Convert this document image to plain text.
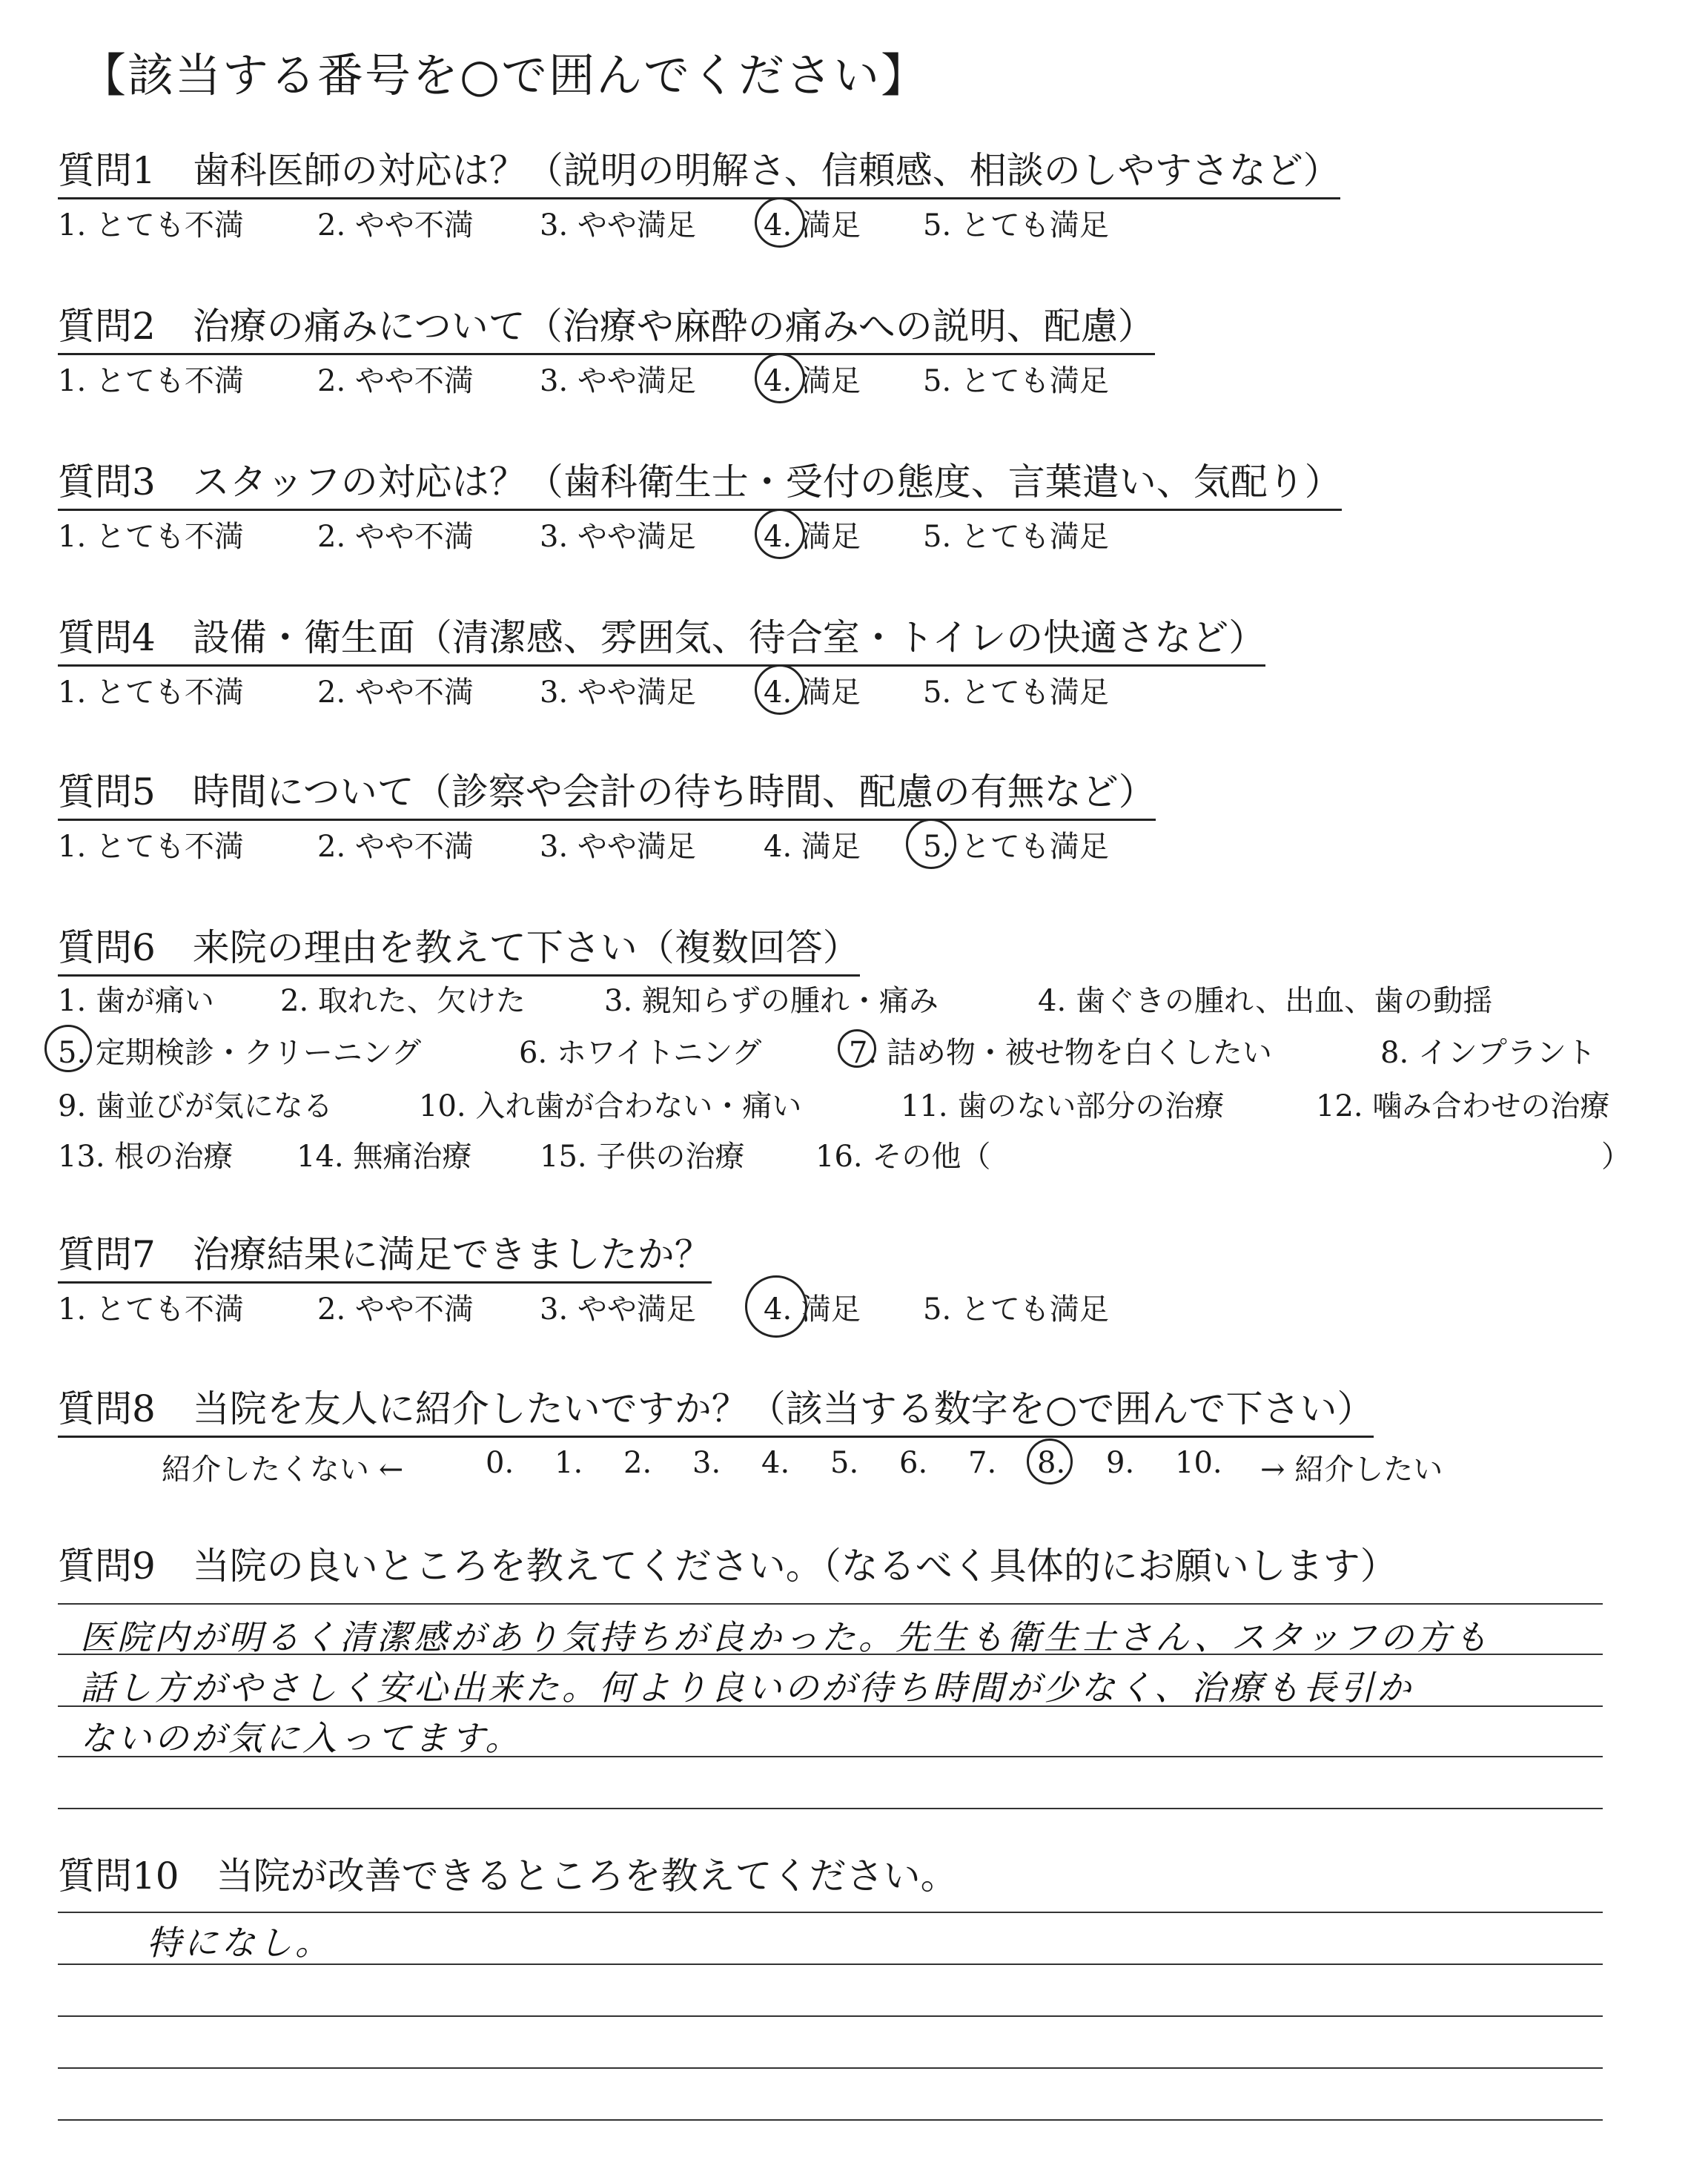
【該当する番号を○で囲んでください】
質問1　歯科医師の対応は？（説明の明解さ、信頼感、相談のしやすさなど）
1. とても不満 2. やや不満 3. やや満足 4. 満足 5. とても満足
質問2　治療の痛みについて（治療や麻酔の痛みへの説明、配慮）
1. とても不満 2. やや不満 3. やや満足 4. 満足 5. とても満足
質問3　スタッフの対応は？（歯科衛生士・受付の態度、言葉遣い、気配り）
1. とても不満 2. やや不満 3. やや満足 4. 満足 5. とても満足
質問4　設備・衛生面（清潔感、雰囲気、待合室・トイレの快適さなど）
1. とても不満 2. やや不満 3. やや満足 4. 満足 5. とても満足
質問5　時間について（診察や会計の待ち時間、配慮の有無など）
1. とても不満 2. やや不満 3. やや満足 4. 満足 5. とても満足
質問6　来院の理由を教えて下さい（複数回答）
1. 歯が痛い 2. 取れた、欠けた	3. 親知らずの腫れ・痛み	4. 歯ぐきの腫れ、出血、歯の動揺
5. 定期検診・クリーニング	6. ホワイトニング	7. 詰め物・被せ物を白くしたい	8. インプラント
9. 歯並びが気になる	10. 入れ歯が合わない・痛い	11. 歯のない部分の治療	12. 噛み合わせの治療
13. 根の治療 14. 無痛治療 15. 子供の治療 16. その他（	）
質問7　治療結果に満足できましたか？
1. とても不満 2. やや不満 3. やや満足 4. 満足 5. とても満足
質問8　当院を友人に紹介したいですか？（該当する数字を○で囲んで下さい）
紹介したくない ←	0. 1. 2. 3. 4. 5. 6. 7. 8. 9. 10. → 紹介したい
質問9　当院の良いところを教えてください。（なるべく具体的にお願いします）
医院内が明るく清潔感があり気持ちが良かった。先生も衛生士さん、スタッフの方も
話し方がやさしく安心出来た。何より良いのが待ち時間が少なく、治療も長引か
ないのが気に入ってます。
質問10　当院が改善できるところを教えてください。
特になし。
